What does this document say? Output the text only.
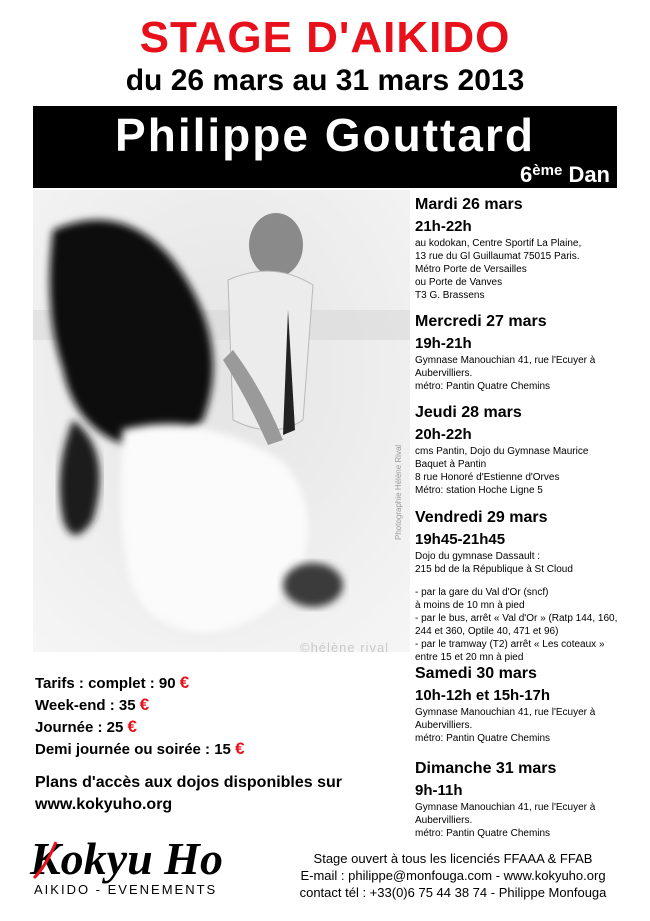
STAGE D'AIKIDO
du 26 mars au 31 mars 2013
Philippe Gouttard
6ème Dan
Photographie Hélène Rival
©hélène rival
Mardi 26 mars
21h-22h
au kodokan, Centre Sportif La Plaine,
13 rue du Gl Guillaumat 75015 Paris.
Métro Porte de Versailles
ou Porte de Vanves
T3 G. Brassens
Mercredi 27 mars
19h-21h
Gymnase Manouchian 41, rue l'Ecuyer à
Aubervilliers.
métro: Pantin Quatre Chemins
Jeudi 28 mars
20h-22h
cms Pantin, Dojo du Gymnase Maurice
Baquet à Pantin
8 rue Honoré d'Estienne d'Orves
Métro: station Hoche Ligne 5
Vendredi 29 mars
19h45-21h45
Dojo du gymnase Dassault :
215 bd de la République à St Cloud
- par la gare du Val d'Or (sncf)
à moins de 10 mn à pied
- par le bus, arrêt « Val d'Or » (Ratp 144, 160,
244 et 360, Optile 40, 471 et 96)
- par le tramway (T2) arrêt « Les coteaux »
entre 15 et 20 mn à pied
Samedi 30 mars
10h-12h et 15h-17h
Gymnase Manouchian 41, rue l'Ecuyer à
Aubervilliers.
métro: Pantin Quatre Chemins
Dimanche 31 mars
9h-11h
Gymnase Manouchian 41, rue l'Ecuyer à
Aubervilliers.
métro: Pantin Quatre Chemins
Tarifs : complet : 90 €
Week-end : 35 €
Journée : 25 €
Demi journée ou soirée : 15 €
Plans d'accès aux dojos disponibles sur
www.kokyuho.org
Kokyu Ho
AIKIDO - EVENEMENTS
Stage ouvert à tous les licenciés FFAAA & FFAB
E-mail : philippe@monfouga.com - www.kokyuho.org
contact tél : +33(0)6 75 44 38 74 - Philippe Monfouga
